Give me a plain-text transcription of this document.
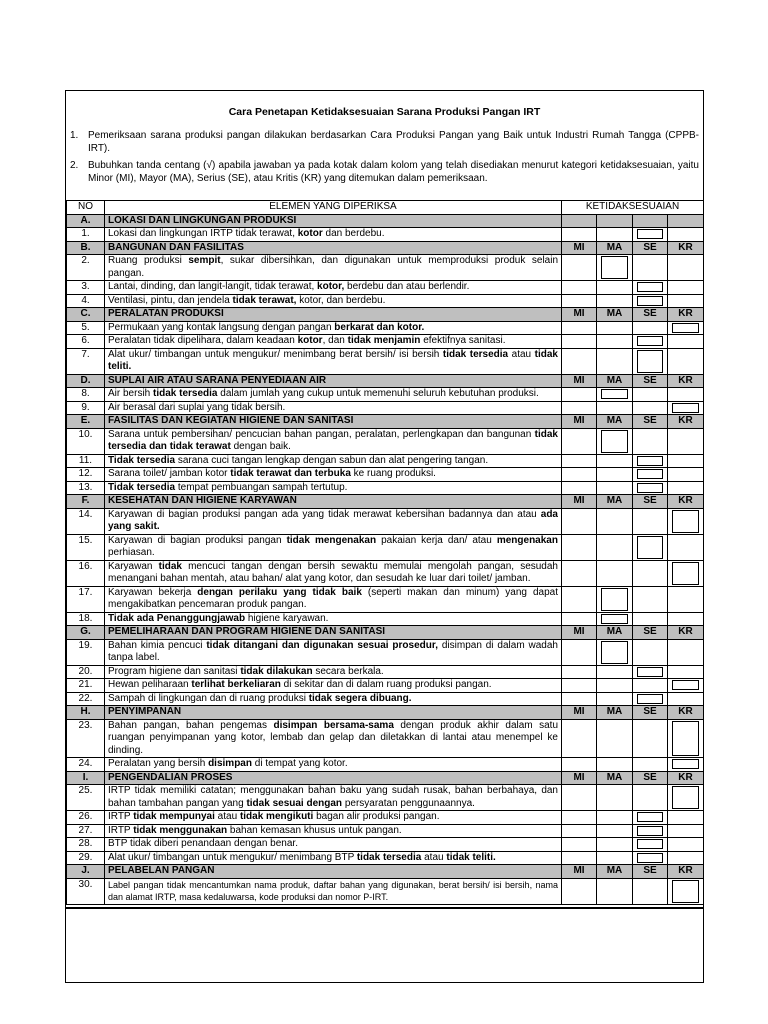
Cara Penetapan Ketidaksesuaian Sarana Produksi Pangan IRT
1. Pemeriksaan sarana produksi pangan dilakukan berdasarkan Cara Produksi Pangan yang Baik untuk Industri Rumah Tangga (CPPB-IRT).
2. Bubuhkan tanda centang (√) apabila jawaban ya pada kotak dalam kolom yang telah disediakan menurut kategori ketidaksesuaian, yaitu Minor (MI), Mayor (MA), Serius (SE), atau Kritis (KR) yang ditemukan dalam pemeriksaan.
NO	ELEMEN YANG DIPERIKSA	KETIDAKSESUAIAN			
A.	LOKASI DAN LINGKUNGAN PRODUKSI				
1.	Lokasi dan lingkungan IRTP tidak terawat, kotor dan berdebu.			

B.	BANGUNAN DAN FASILITAS	MI	MA	SE	KR
2.	Ruang produksi sempit, sukar dibersihkan, dan digunakan untuk memproduksi produk selain pangan.		

3.	Lantai, dinding, dan langit-langit, tidak terawat, kotor, berdebu dan atau berlendir.			

4.	Ventilasi, pintu, dan jendela tidak terawat, kotor, dan berdebu.			

C.	PERALATAN PRODUKSI	MI	MA	SE	KR
5.	Permukaan yang kontak langsung dengan pangan berkarat dan kotor.				

6.	Peralatan tidak dipelihara, dalam keadaan kotor, dan tidak menjamin efektifnya sanitasi.			

7.	Alat ukur/ timbangan untuk mengukur/ menimbang berat bersih/ isi bersih tidak tersedia atau tidak teliti.			

D.	SUPLAI AIR ATAU SARANA PENYEDIAAN AIR	MI	MA	SE	KR
8.	Air bersih tidak tersedia dalam jumlah yang cukup untuk memenuhi seluruh kebutuhan produksi.		

9.	Air berasal dari suplai yang tidak bersih.				

E.	FASILITAS DAN KEGIATAN HIGIENE DAN SANITASI	MI	MA	SE	KR
10.	Sarana untuk pembersihan/ pencucian bahan pangan, peralatan, perlengkapan dan bangunan tidak tersedia dan tidak terawat dengan baik.		

11.	Tidak tersedia sarana cuci tangan lengkap dengan sabun dan alat pengering tangan.			

12.	Sarana toilet/ jamban kotor tidak terawat dan terbuka ke ruang produksi.			

13.	Tidak tersedia tempat pembuangan sampah tertutup.			

F.	KESEHATAN DAN HIGIENE KARYAWAN	MI	MA	SE	KR
14.	Karyawan di bagian produksi pangan ada yang tidak merawat kebersihan badannya dan atau ada yang sakit.				

15.	Karyawan di bagian produksi pangan tidak mengenakan pakaian kerja dan/ atau mengenakan perhiasan.			

16.	Karyawan tidak mencuci tangan dengan bersih sewaktu memulai mengolah pangan, sesudah menangani bahan mentah, atau bahan/ alat yang kotor, dan sesudah ke luar dari toilet/ jamban.				

17.	Karyawan bekerja dengan perilaku yang tidak baik (seperti makan dan minum) yang dapat mengakibatkan pencemaran produk pangan.		

18.	Tidak ada Penanggungjawab higiene karyawan.		

G.	PEMELIHARAAN DAN PROGRAM HIGIENE DAN SANITASI	MI	MA	SE	KR
19.	Bahan kimia pencuci tidak ditangani dan digunakan sesuai prosedur, disimpan di dalam wadah tanpa label.		

20.	Program higiene dan sanitasi tidak dilakukan secara berkala.			

21.	Hewan peliharaan terlihat berkeliaran di sekitar dan di dalam ruang produksi pangan.				

22.	Sampah di lingkungan dan di ruang produksi tidak segera dibuang.			

H.	PENYIMPANAN	MI	MA	SE	KR
23.	Bahan pangan, bahan pengemas disimpan bersama-sama dengan produk akhir dalam satu ruangan penyimpanan yang kotor, lembab dan gelap dan diletakkan di lantai atau menempel ke dinding.				

24.	Peralatan yang bersih disimpan di tempat yang kotor.				

I.	PENGENDALIAN PROSES	MI	MA	SE	KR
25.	IRTP tidak memiliki catatan; menggunakan bahan baku yang sudah rusak, bahan berbahaya, dan bahan tambahan pangan yang tidak sesuai dengan persyaratan penggunaannya.				

26.	IRTP tidak mempunyai atau tidak mengikuti bagan alir produksi pangan.			

27.	IRTP tidak menggunakan bahan kemasan khusus untuk pangan.			

28.	BTP tidak diberi penandaan dengan benar.			

29.	Alat ukur/ timbangan untuk mengukur/ menimbang BTP tidak tersedia atau tidak teliti.			

J.	PELABELAN PANGAN	MI	MA	SE	KR
30.	Label pangan tidak mencantumkan nama produk, daftar bahan yang digunakan, berat bersih/ isi bersih, nama dan alamat IRTP, masa kedaluwarsa, kode produksi dan nomor P-IRT.				
